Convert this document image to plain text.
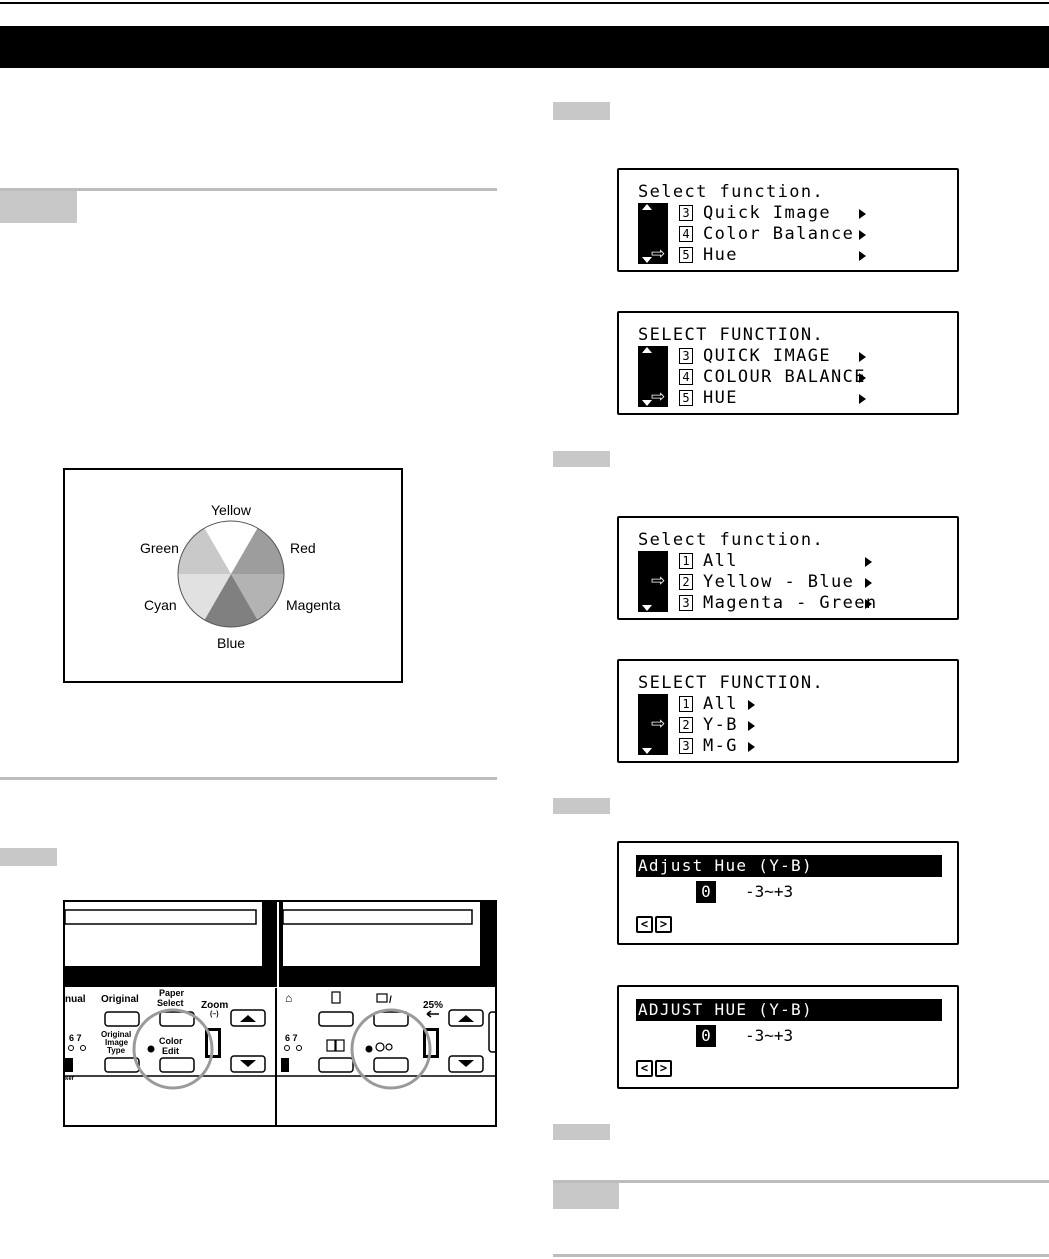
Yellow
Red
Magenta
Blue
Cyan
Green
nual Original
Paper
Select Zoom
(–)
6 7 Original
Image
Type
Color
Edit
ker
⌂	/	25%
6 7
Select function.
⇨
3 Quick Image
4 Color Balance
5 Hue
SELECT FUNCTION.
⇨
3 QUICK IMAGE
4 COLOUR BALANCE
5 HUE
Select function.
⇨
1 All
2 Yellow - Blue
3 Magenta - Green
SELECT FUNCTION.
⇨
1 All
2 Y-B
3 M-G
Adjust Hue (Y-B)
0	-3~+3
< >
ADJUST HUE (Y-B)
0	-3~+3
< >
